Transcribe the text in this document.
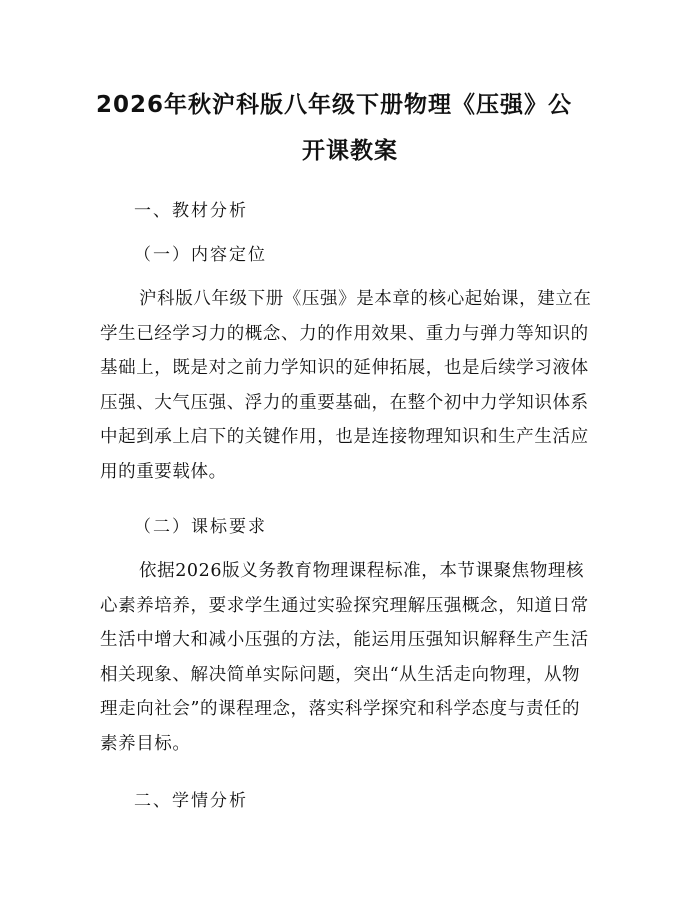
2026年秋沪科版八年级下册物理《压强》公
开课教案
一、教材分析
（一）内容定位
沪科版八年级下册《压强》是本章的核心起始课，建立在
学生已经学习力的概念、力的作用效果、重力与弹力等知识的
基础上，既是对之前力学知识的延伸拓展，也是后续学习液体
压强、大气压强、浮力的重要基础，在整个初中力学知识体系
中起到承上启下的关键作用，也是连接物理知识和生产生活应
用的重要载体。
（二）课标要求
依据2026版义务教育物理课程标准，本节课聚焦物理核
心素养培养，要求学生通过实验探究理解压强概念，知道日常
生活中增大和减小压强的方法，能运用压强知识解释生产生活
相关现象、解决简单实际问题，突出“从生活走向物理，从物
理走向社会”的课程理念，落实科学探究和科学态度与责任的
素养目标。
二、学情分析
